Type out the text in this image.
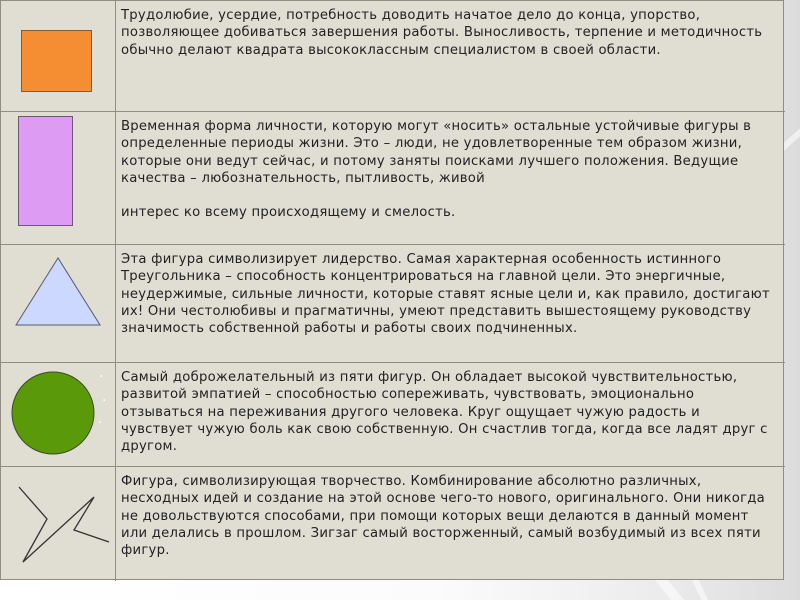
Трудолюбие, усердие, потребность доводить начатое дело до конца, упорство, позволяющее добиваться завершения работы. Выносливость, терпение и методичность обычно делают квадрата высококлассным специалистом в своей области.
Временная форма личности, которую могут «носить» остальные устойчивые фигуры в определенные периоды жизни. Это – люди, не удовлетворенные тем образом жизни, которые они ведут сейчас, и потому заняты поисками лучшего положения. Ведущие качества – любознательность, пытливость, живой

интерес ко всему происходящему и смелость.
Эта фигура символизирует лидерство. Самая характерная особенность истинного Треугольника – способность концентрироваться на главной цели. Это энергичные, неудержимые, сильные личности, которые ставят ясные цели и, как правило, достигают их! Они честолюбивы и прагматичны, умеют представить вышестоящему руководству значимость собственной работы и работы своих подчиненных.
·
·
·
Самый доброжелательный из пяти фигур. Он обладает высокой чувствительностью, развитой эмпатией – способностью сопереживать, чувствовать, эмоционально отзываться на переживания другого человека. Круг ощущает чужую радость и чувствует чужую боль как свою собственную. Он счастлив тогда, когда все ладят друг с другом.
Фигура, символизирующая творчество. Комбинирование абсолютно различных, несходных идей и создание на этой основе чего-то нового, оригинального. Они никогда не довольствуются способами, при помощи которых вещи делаются в данный момент или делались в прошлом. Зигзаг самый восторженный, самый возбудимый из всех пяти фигур.
